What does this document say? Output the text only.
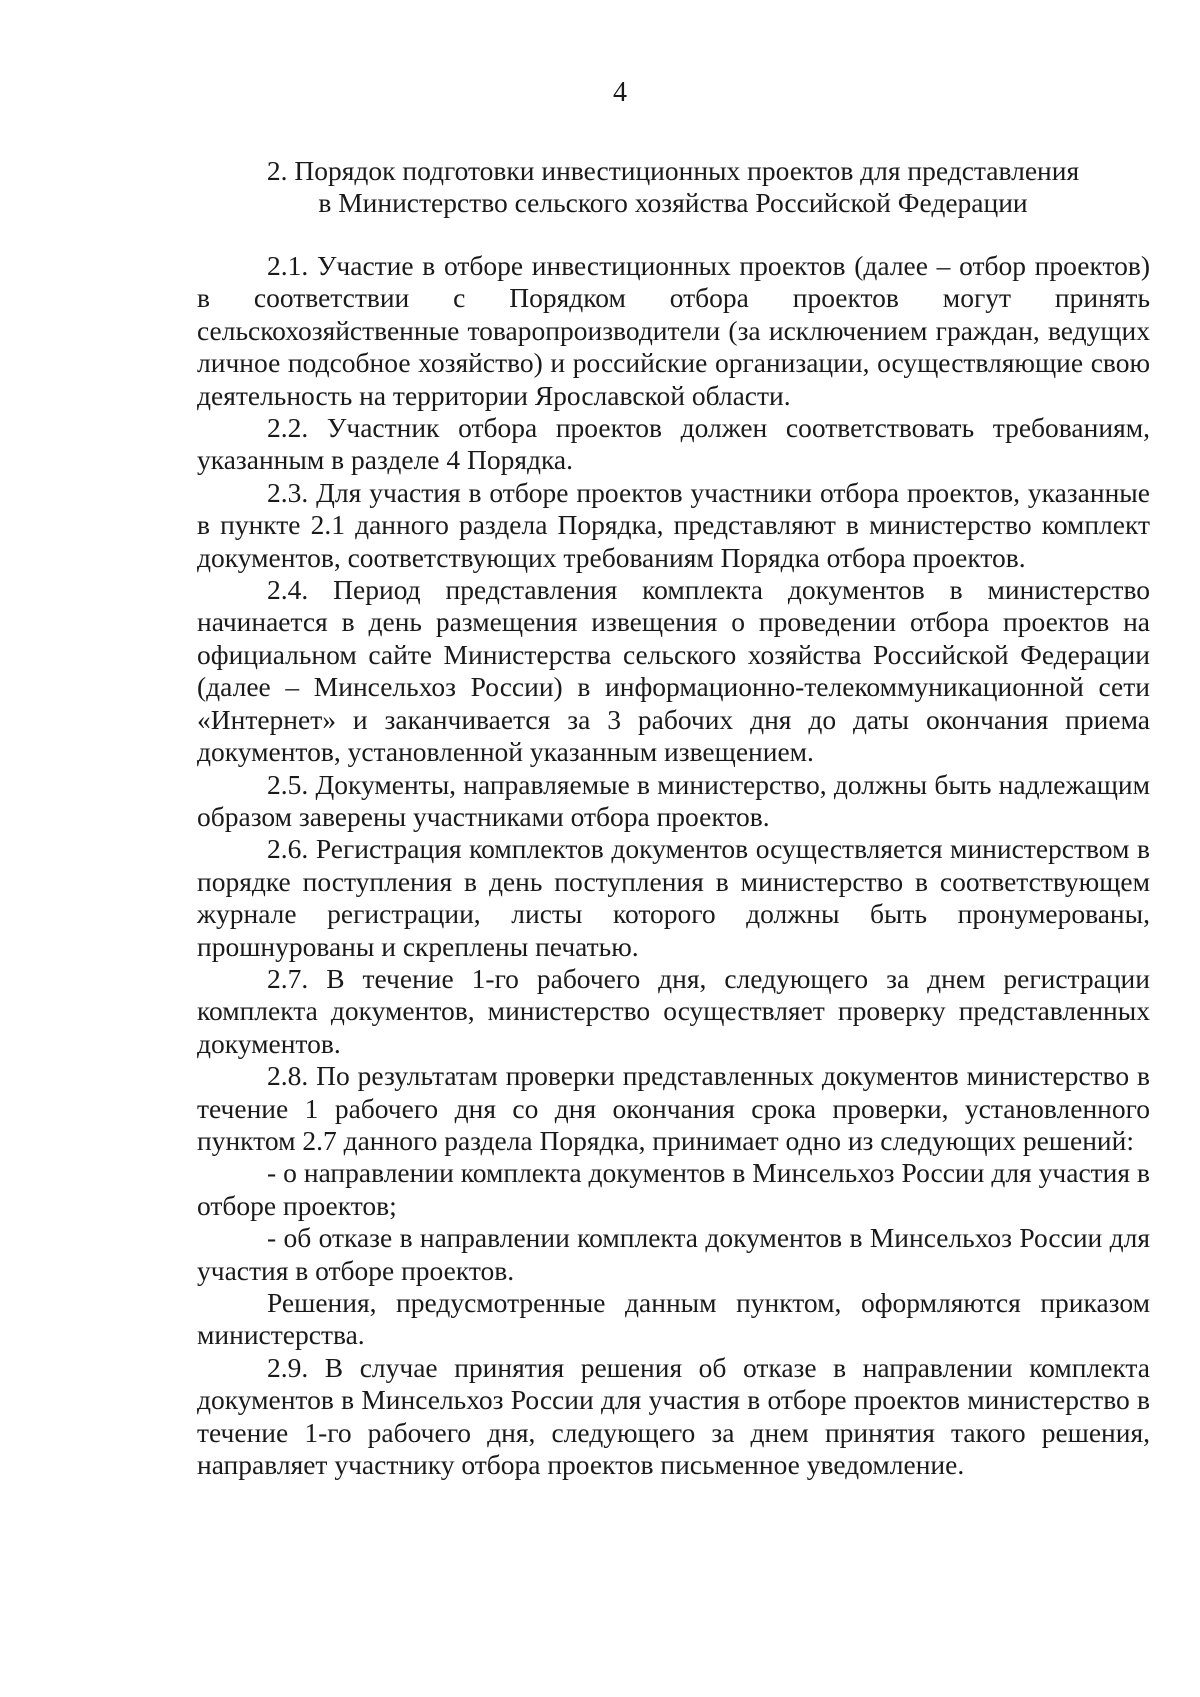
4
2. Порядок подготовки инвестиционных проектов для представления
в Министерство сельского хозяйства Российской Федерации

2.1. Участие в отборе инвестиционных проектов (далее – отбор проектов) в соответствии с Порядком отбора проектов могут принять сельскохозяйственные товаропроизводители (за исключением граждан, ведущих личное подсобное хозяйство) и российские организации, осуществляющие свою деятельность на территории Ярославской области.

2.2. Участник отбора проектов должен соответствовать требованиям, указанным в разделе 4 Порядка.

2.3. Для участия в отборе проектов участники отбора проектов, указанные в пункте 2.1 данного раздела Порядка, представляют в министерство комплект документов, соответствующих требованиям Порядка отбора проектов.

2.4. Период представления комплекта документов в министерство начинается в день размещения извещения о проведении отбора проектов на официальном сайте Министерства сельского хозяйства Российской Федерации (далее – Минсельхоз России) в информационно-телекоммуникационной сети «Интернет» и заканчивается за 3 рабочих дня до даты окончания приема документов, установленной указанным извещением.

2.5. Документы, направляемые в министерство, должны быть надлежащим образом заверены участниками отбора проектов.

2.6. Регистрация комплектов документов осуществляется министерством в порядке поступления в день поступления в министерство в соответствующем журнале регистрации, листы которого должны быть пронумерованы, прошнурованы и скреплены печатью.

2.7. В течение 1-го рабочего дня, следующего за днем регистрации комплекта документов, министерство осуществляет проверку представленных документов.

2.8. По результатам проверки представленных документов министерство в течение 1 рабочего дня со дня окончания срока проверки, установленного пунктом 2.7 данного раздела Порядка, принимает одно из следующих решений:

- о направлении комплекта документов в Минсельхоз России для участия в отборе проектов;

- об отказе в направлении комплекта документов в Минсельхоз России для участия в отборе проектов.

Решения, предусмотренные данным пунктом, оформляются приказом министерства.

2.9. В случае принятия решения об отказе в направлении комплекта документов в Минсельхоз России для участия в отборе проектов министерство в течение 1-го рабочего дня, следующего за днем принятия такого решения, направляет участнику отбора проектов письменное уведомление.
